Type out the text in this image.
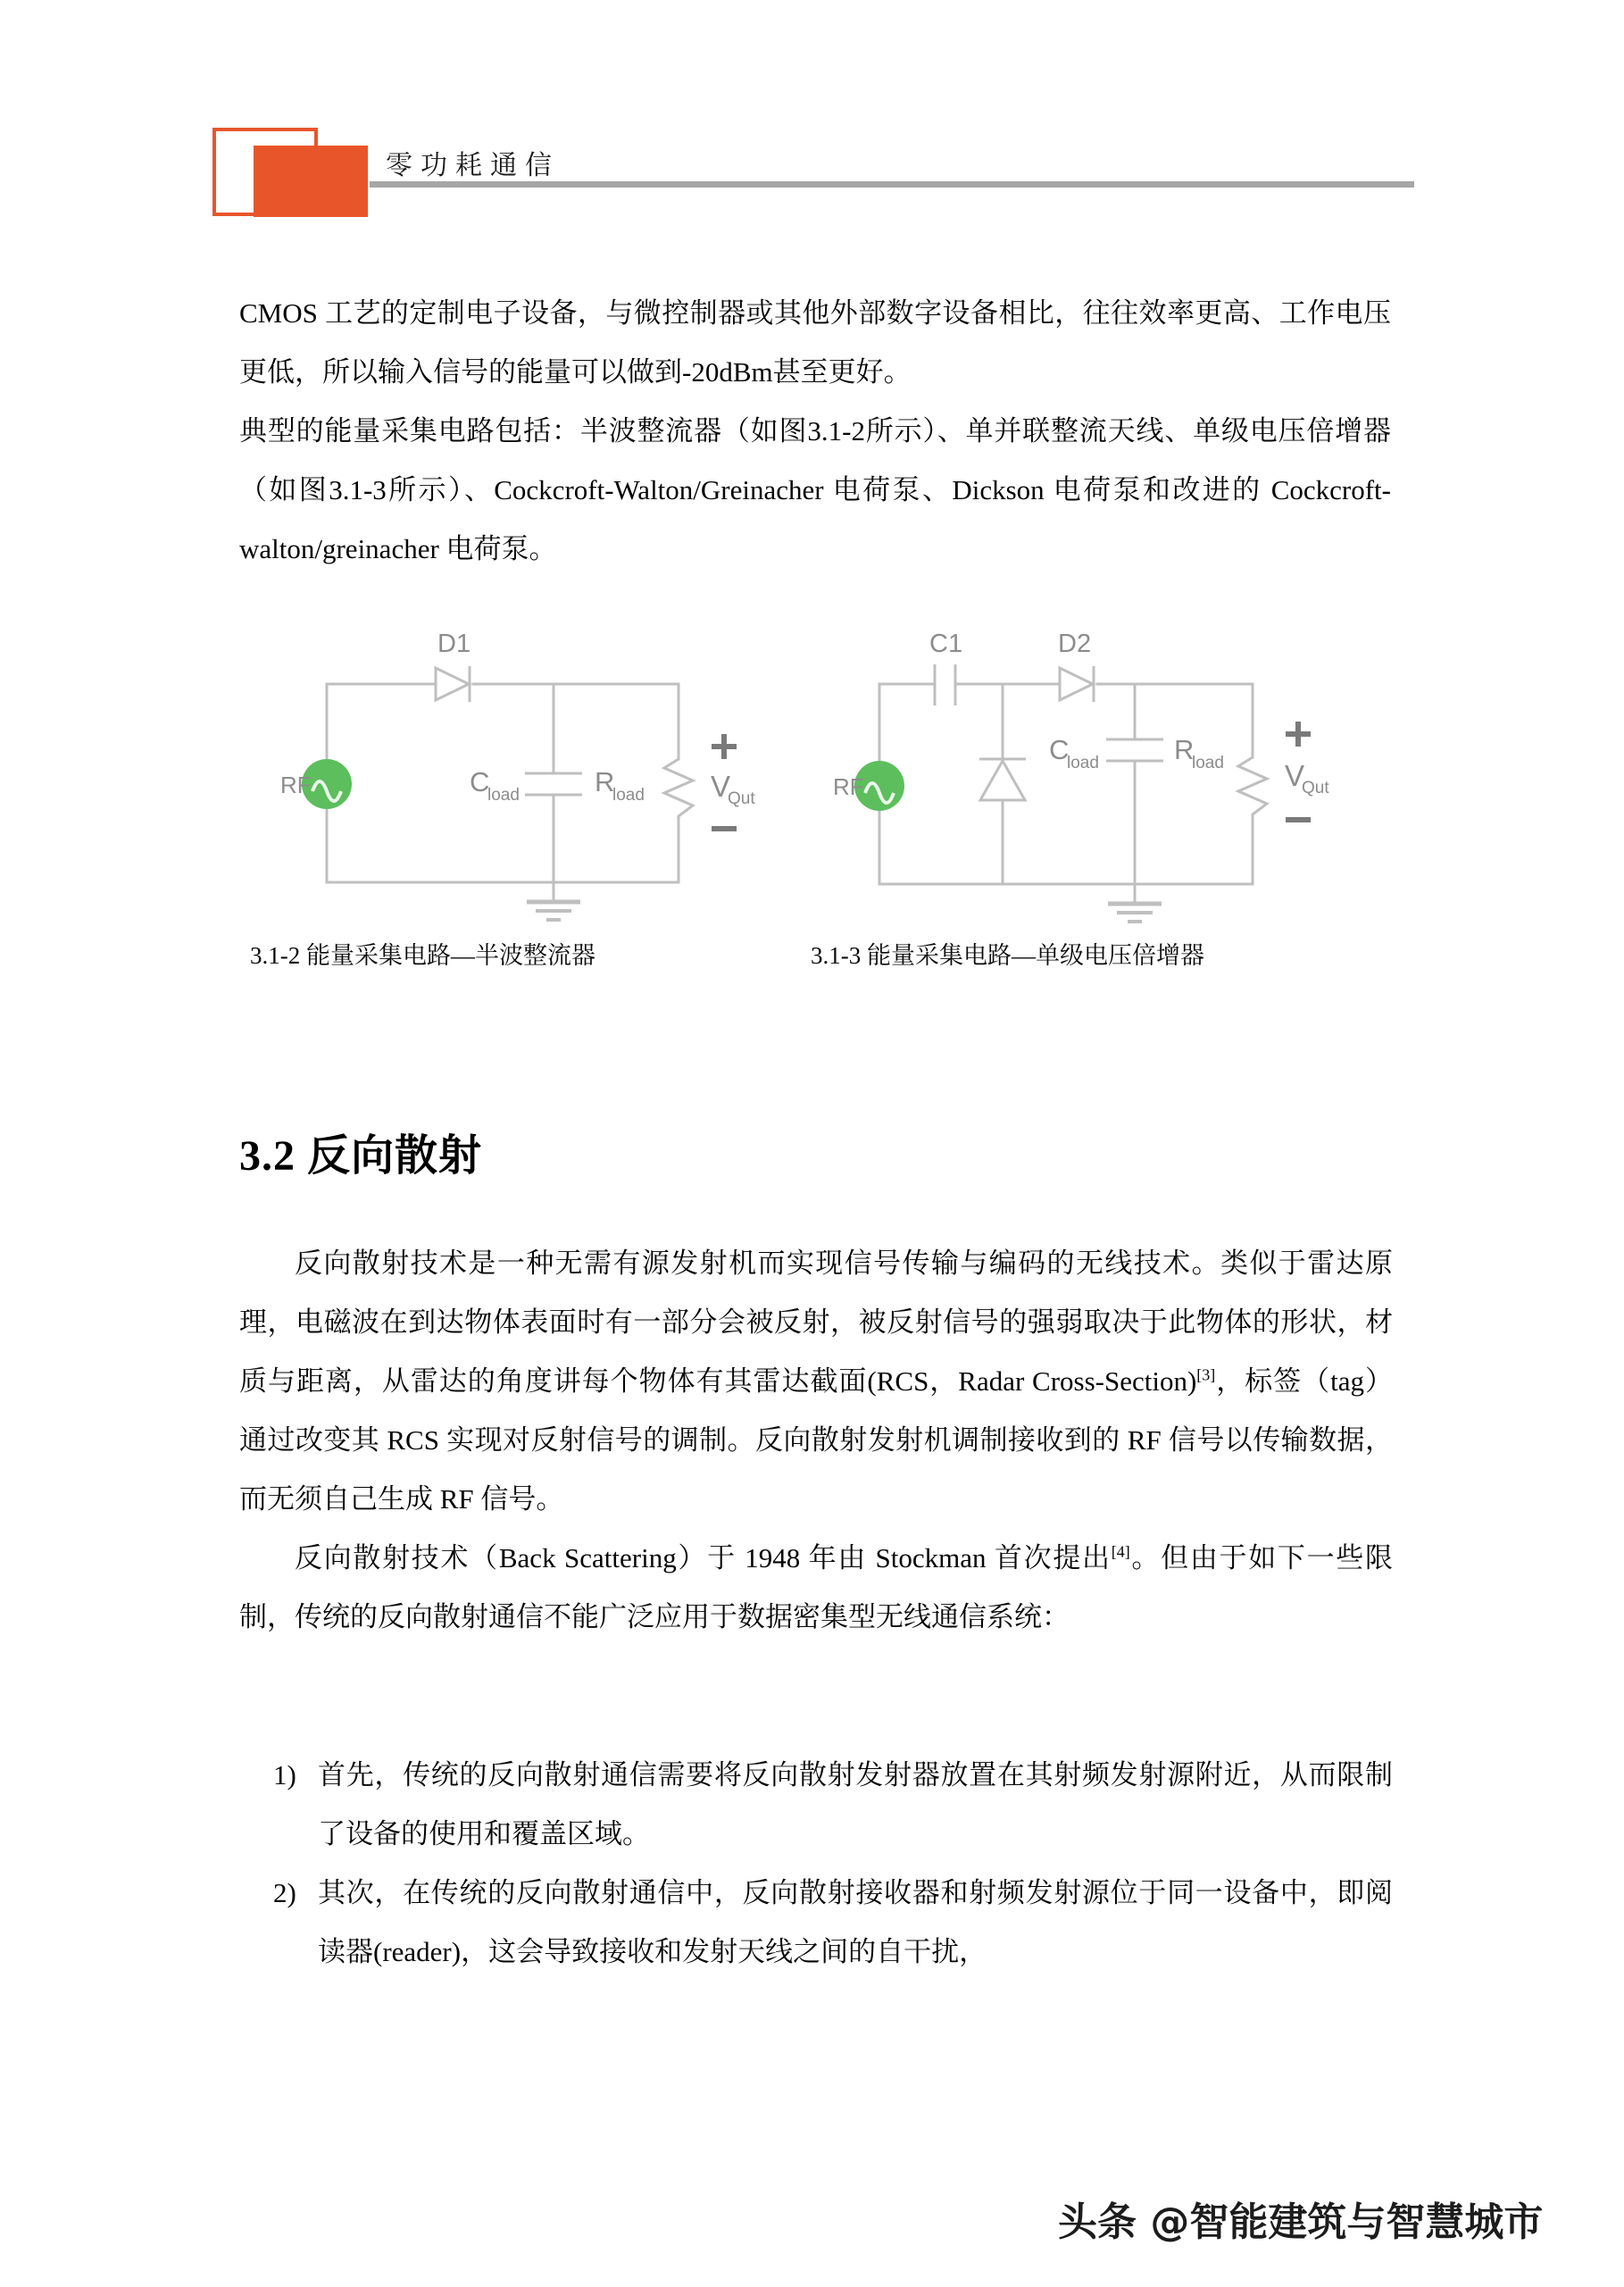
零功耗通信

CMOS 工艺的定制电子设备，与微控制器或其他外部数字设备相比，往往效率更高、工作电压更低，所以输入信号的能量可以做到-20dBm甚至更好。

典型的能量采集电路包括：半波整流器（如图3.1-2所示）、单并联整流天线、单级电压倍增器（如图3.1-3所示）、Cockcroft-Walton/Greinacher 电荷泵、Dickson 电荷泵和改进的 Cockcroft-walton/greinacher 电荷泵。

RF
D1
C
load	R
load V
Qut	RF
C1	D2
C
load	R
load V
Qut
3.1-2 能量采集电路—半波整流器	3.1-3 能量采集电路—单级电压倍增器
3.2 反向散射

反向散射技术是一种无需有源发射机而实现信号传输与编码的无线技术。类似于雷达原理，电磁波在到达物体表面时有一部分会被反射，被反射信号的强弱取决于此物体的形状，材质与距离，从雷达的角度讲每个物体有其雷达截面(RCS，Radar Cross-Section)[3]，标签（tag）通过改变其 RCS 实现对反射信号的调制。反向散射发射机调制接收到的 RF 信号以传输数据，而无须自己生成 RF 信号。

反向散射技术（Back Scattering）于 1948 年由 Stockman 首次提出[4]。但由于如下一些限制，传统的反向散射通信不能广泛应用于数据密集型无线通信系统：

1) 首先，传统的反向散射通信需要将反向散射发射器放置在其射频发射源附近，从而限制了设备的使用和覆盖区域。
2) 其次，在传统的反向散射通信中，反向散射接收器和射频发射源位于同一设备中，即阅读器(reader)，这会导致接收和发射天线之间的自干扰，
头条 @智能建筑与智慧城市
